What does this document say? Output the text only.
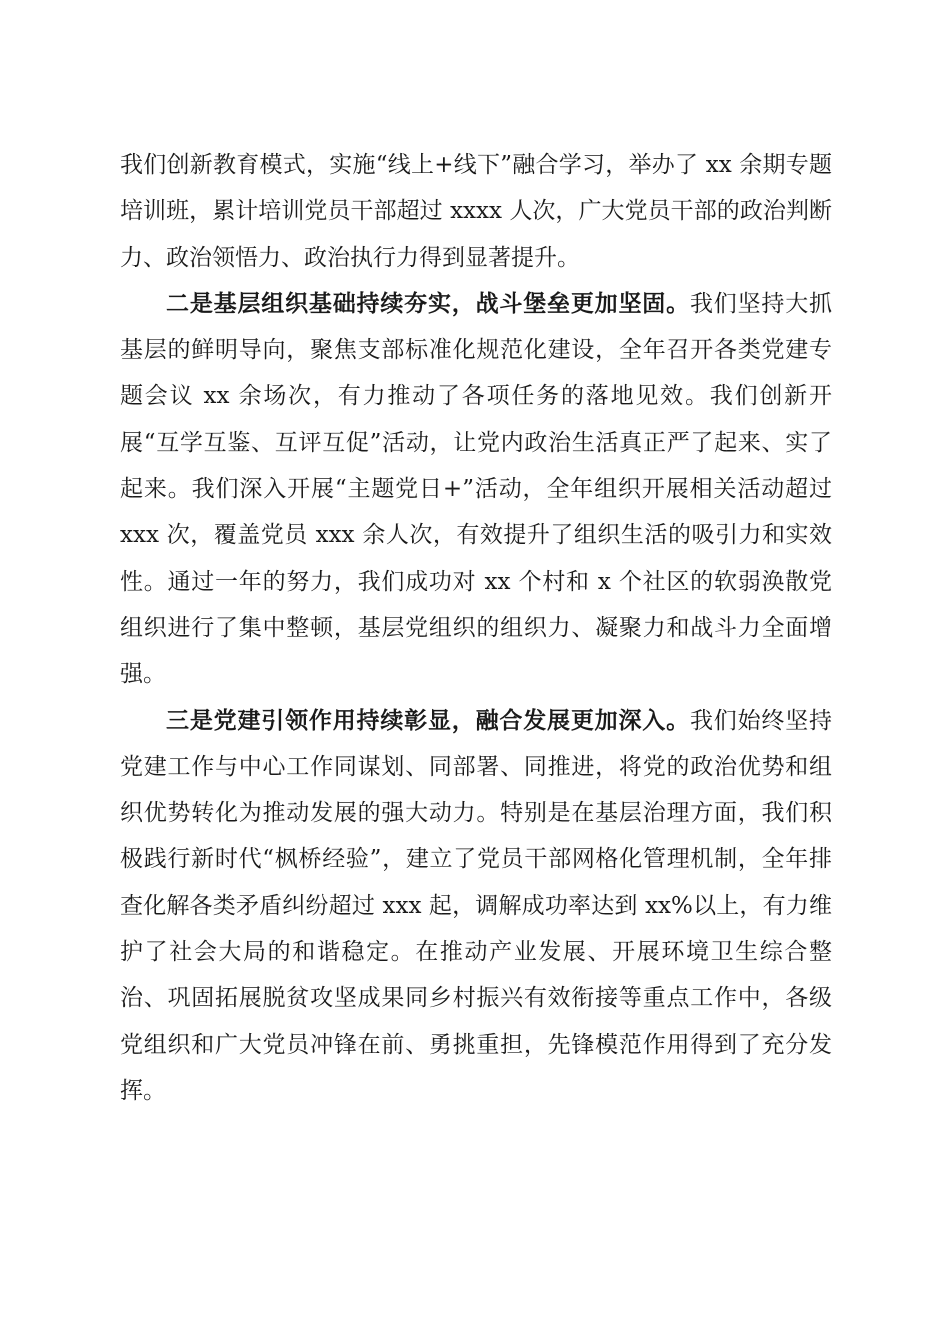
我们创新教育模式，实施“线上+线下”融合学习，举办了 xx 余期专题培训班，累计培训党员干部超过 xxxx 人次，广大党员干部的政治判断力、政治领悟力、政治执行力得到显著提升。

二是基层组织基础持续夯实，战斗堡垒更加坚固。我们坚持大抓基层的鲜明导向，聚焦支部标准化规范化建设，全年召开各类党建专题会议 xx 余场次，有力推动了各项任务的落地见效。我们创新开展“互学互鉴、互评互促”活动，让党内政治生活真正严了起来、实了起来。我们深入开展“主题党日+”活动，全年组织开展相关活动超过 xxx 次，覆盖党员 xxx 余人次，有效提升了组织生活的吸引力和实效性。通过一年的努力，我们成功对 xx 个村和 x 个社区的软弱涣散党组织进行了集中整顿，基层党组织的组织力、凝聚力和战斗力全面增强。

三是党建引领作用持续彰显，融合发展更加深入。我们始终坚持党建工作与中心工作同谋划、同部署、同推进，将党的政治优势和组织优势转化为推动发展的强大动力。特别是在基层治理方面，我们积极践行新时代“枫桥经验”，建立了党员干部网格化管理机制，全年排查化解各类矛盾纠纷超过 xxx 起，调解成功率达到 xx%以上，有力维护了社会大局的和谐稳定。在推动产业发展、开展环境卫生综合整治、巩固拓展脱贫攻坚成果同乡村振兴有效衔接等重点工作中，各级党组织和广大党员冲锋在前、勇挑重担，先锋模范作用得到了充分发挥。
